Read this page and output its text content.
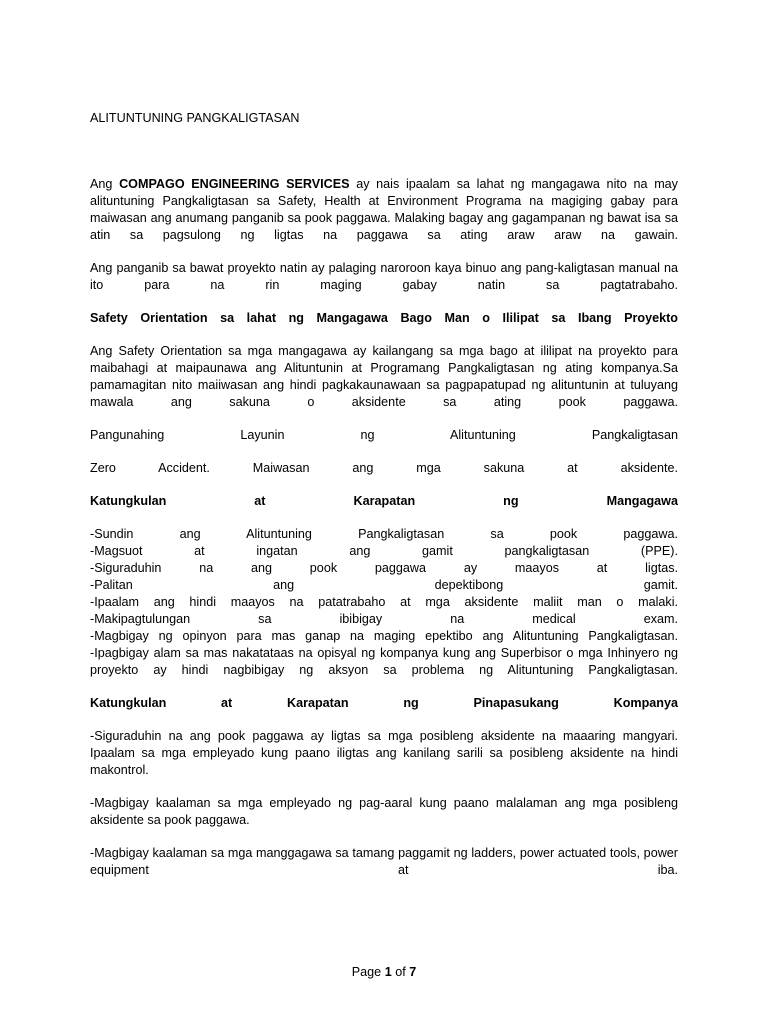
ALITUNTUNING PANGKALIGTASAN

Ang COMPAGO ENGINEERING SERVICES ay nais ipaalam sa lahat ng mangagawa nito na may alituntuning Pangkaligtasan sa Safety, Health at Environment Programa na magiging gabay para maiwasan ang anumang panganib sa pook paggawa. Malaking bagay ang gagampanan ng bawat isa sa atin sa pagsulong ng ligtas na paggawa sa ating araw araw na gawain.

Ang panganib sa bawat proyekto natin ay palaging naroroon kaya binuo ang pang-kaligtasan manual na ito para na rin maging gabay natin sa pagtatrabaho.

Safety Orientation sa lahat ng Mangagawa Bago Man o Ililipat sa Ibang Proyekto

Ang Safety Orientation sa mga mangagawa ay kailangang sa mga bago at ililipat na proyekto para maibahagi at maipaunawa ang Alituntunin at Programang Pangkaligtasan ng ating kompanya.Sa pamamagitan nito maiiwasan ang hindi pagkakaunawaan sa pagpapatupad ng alituntunin at tuluyang mawala ang sakuna o aksidente sa ating pook paggawa.

Pangunahing Layunin ng Alituntuning Pangkaligtasan

Zero Accident. Maiwasan ang mga sakuna at aksidente.

Katungkulan at Karapatan ng Mangagawa

-Sundin ang Alituntuning Pangkaligtasan sa pook paggawa.
-Magsuot at ingatan ang gamit pangkaligtasan (PPE).
-Siguraduhin na ang pook paggawa ay maayos at ligtas.
-Palitan ang depektibong gamit.
-Ipaalam ang hindi maayos na patatrabaho at mga aksidente maliit man o malaki.
-Makipagtulungan sa ibibigay na medical exam.
-Magbigay ng opinyon para mas ganap na maging epektibo ang Alituntuning Pangkaligtasan.
-Ipagbigay alam sa mas nakatataas na opisyal ng kompanya kung ang Superbisor o mga Inhinyero ng proyekto ay hindi nagbibigay ng aksyon sa problema ng Alituntuning Pangkaligtasan.

Katungkulan at Karapatan ng Pinapasukang Kompanya

-Siguraduhin na ang pook paggawa ay ligtas sa mga posibleng aksidente na maaaring mangyari. Ipaalam sa mga empleyado kung paano iligtas ang kanilang sarili sa posibleng aksidente na hindi makontrol.

-Magbigay kaalaman sa mga empleyado ng pag-aaral kung paano malalaman ang mga posibleng aksidente sa pook paggawa.

-Magbigay kaalaman sa mga manggagawa sa tamang paggamit ng ladders, power actuated tools, power equipment at iba.

Page 1 of 7
